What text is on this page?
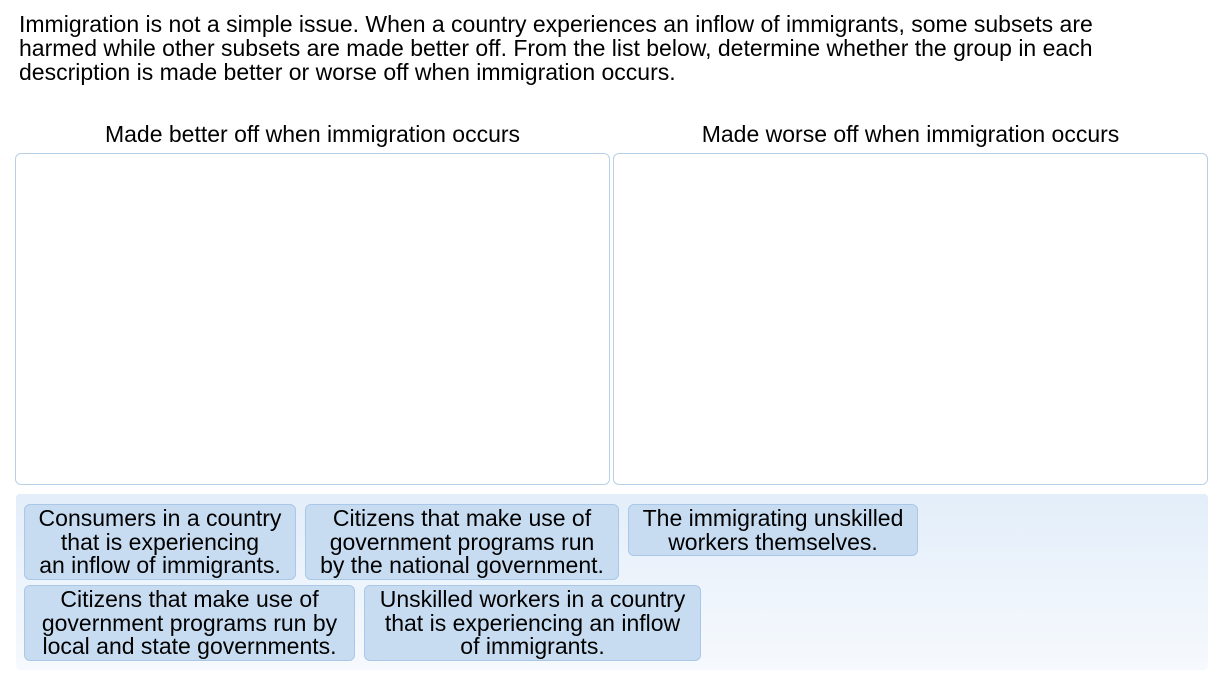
Immigration is not a simple issue. When a country experiences an inflow of immigrants, some subsets are
harmed while other subsets are made better off. From the list below, determine whether the group in each
description is made better or worse off when immigration occurs.
Made better off when immigration occurs	Made worse off when immigration occurs
Consumers in a country
that is experiencing
an inflow of immigrants.
Citizens that make use of
government programs run
by the national government.
The immigrating unskilled
workers themselves.
Citizens that make use of
government programs run by
local and state governments.
Unskilled workers in a country
that is experiencing an inflow
of immigrants.
